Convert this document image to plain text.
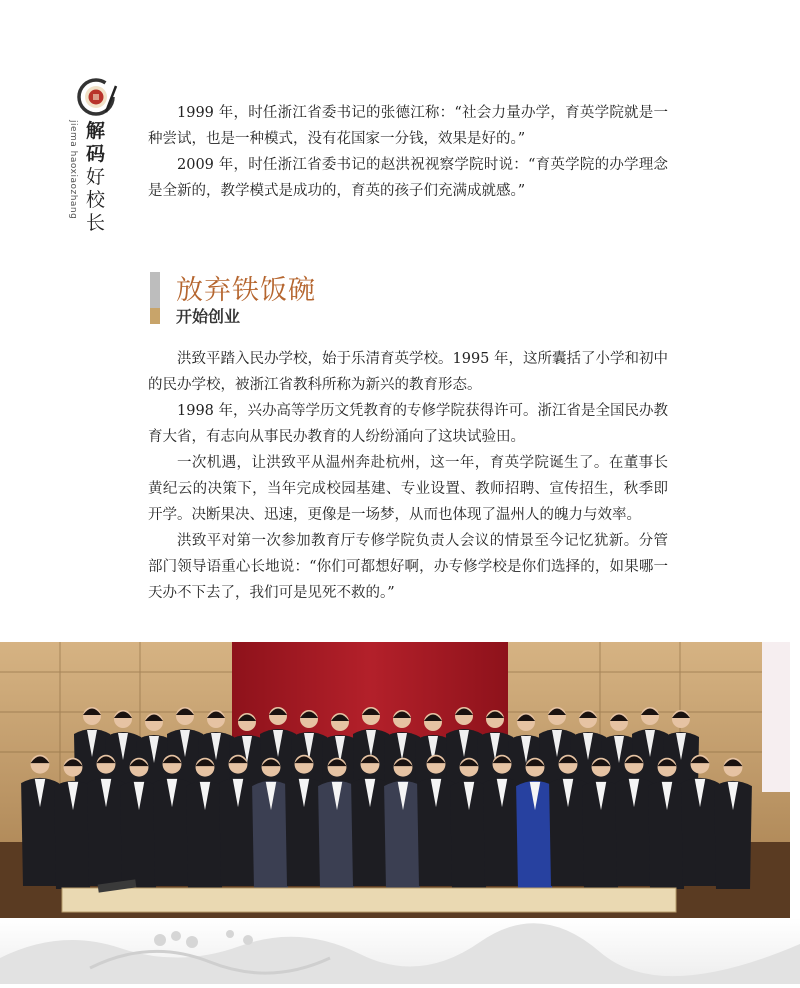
jiema haoxiaozhang 解码
好校长

1999 年，时任浙江省委书记的张德江称：“社会力量办学，育英学院就是一种尝试，也是一种模式，没有花国家一分钱，效果是好的。”

2009 年，时任浙江省委书记的赵洪祝视察学院时说：“育英学院的办学理念是全新的，教学模式是成功的，育英的孩子们充满成就感。”

放弃铁饭碗
开始创业

洪致平踏入民办学校，始于乐清育英学校。1995 年，这所囊括了小学和初中的民办学校，被浙江省教科所称为新兴的教育形态。

1998 年，兴办高等学历文凭教育的专修学院获得许可。浙江省是全国民办教育大省，有志向从事民办教育的人纷纷涌向了这块试验田。

一次机遇，让洪致平从温州奔赴杭州，这一年，育英学院诞生了。在董事长黄纪云的决策下，当年完成校园基建、专业设置、教师招聘、宣传招生，秋季即开学。决断果决、迅速，更像是一场梦，从而也体现了温州人的魄力与效率。

洪致平对第一次参加教育厅专修学院负责人会议的情景至今记忆犹新。分管部门领导语重心长地说：“你们可都想好啊，办专修学校是你们选择的，如果哪一天办不下去了，我们可是见死不救的。”
